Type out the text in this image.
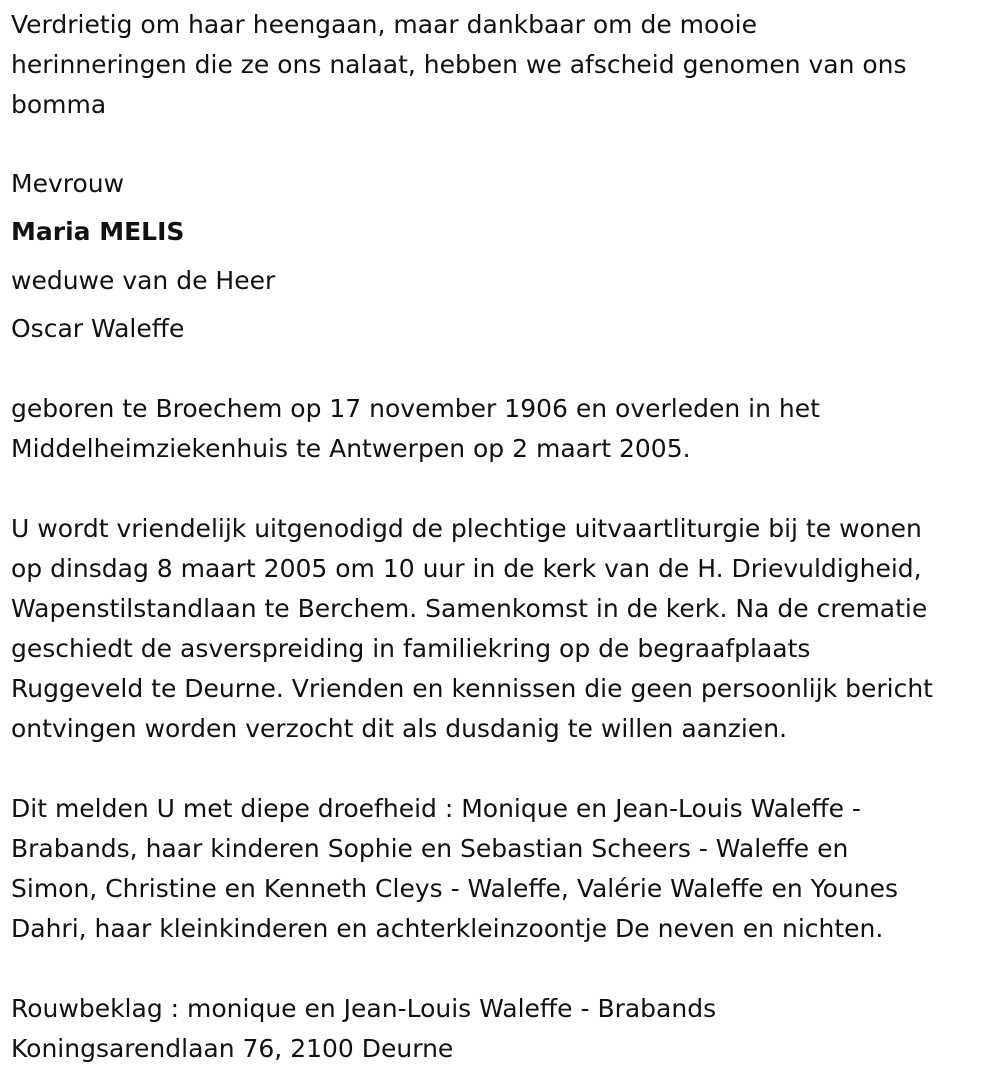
Verdrietig om haar heengaan, maar dankbaar om de mooie
herinneringen die ze ons nalaat, hebben we afscheid genomen van ons
bomma
Mevrouw
Maria MELIS
weduwe van de Heer
Oscar Waleffe
geboren te Broechem op 17 november 1906 en overleden in het
Middelheimziekenhuis te Antwerpen op 2 maart 2005.
U wordt vriendelijk uitgenodigd de plechtige uitvaartliturgie bij te wonen
op dinsdag 8 maart 2005 om 10 uur in de kerk van de H. Drievuldigheid,
Wapenstilstandlaan te Berchem. Samenkomst in de kerk. Na de crematie
geschiedt de asverspreiding in familiekring op de begraafplaats
Ruggeveld te Deurne. Vrienden en kennissen die geen persoonlijk bericht
ontvingen worden verzocht dit als dusdanig te willen aanzien.
Dit melden U met diepe droefheid : Monique en Jean-Louis Waleffe -
Brabands, haar kinderen Sophie en Sebastian Scheers - Waleffe en
Simon, Christine en Kenneth Cleys - Waleffe, Valérie Waleffe en Younes
Dahri, haar kleinkinderen en achterkleinzoontje De neven en nichten.
Rouwbeklag : monique en Jean-Louis Waleffe - Brabands
Koningsarendlaan 76, 2100 Deurne
